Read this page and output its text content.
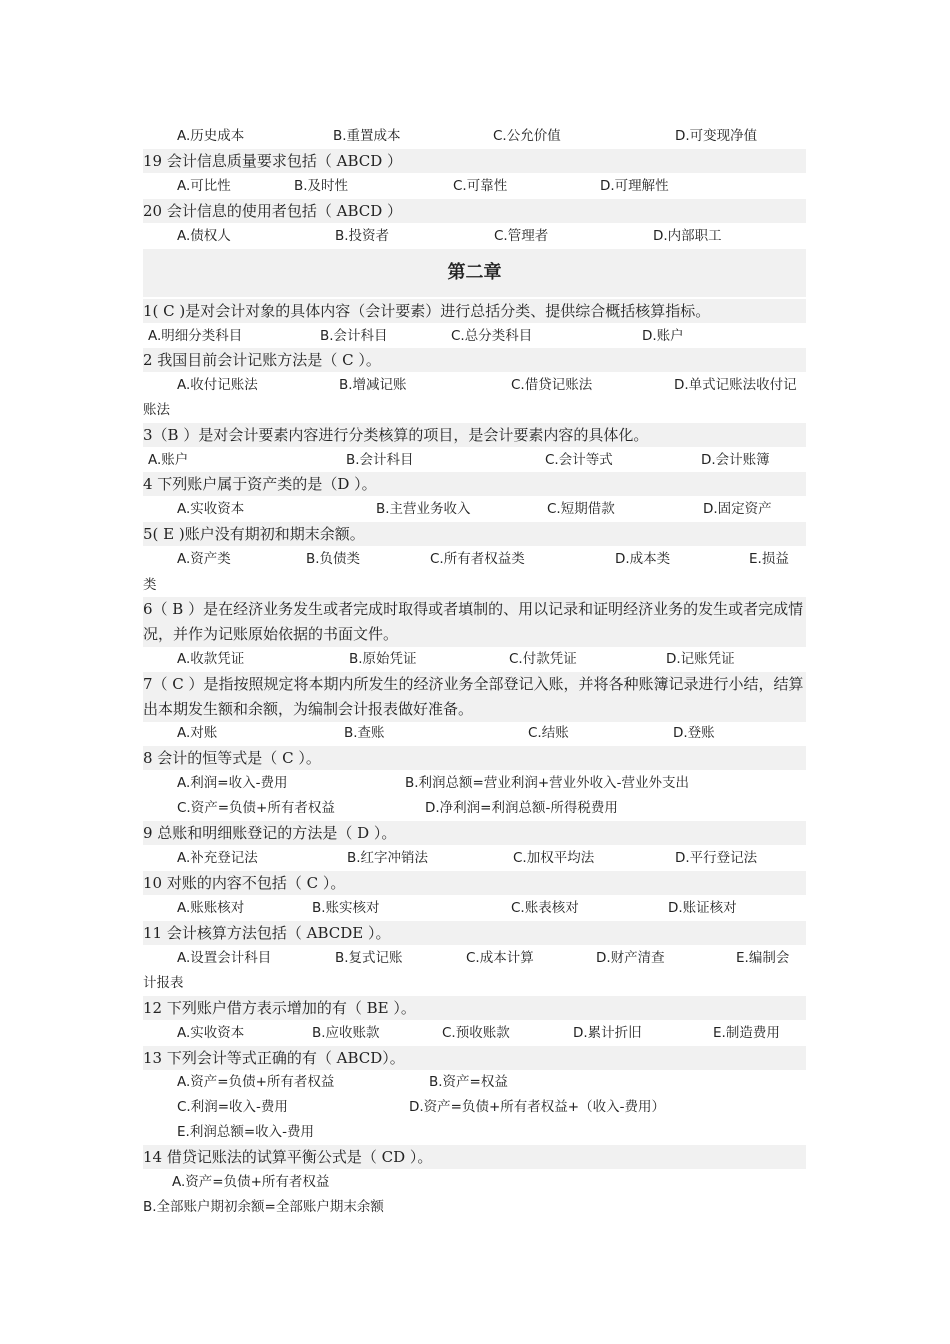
A.历史成本	B.重置成本	C.公允价值	D.可变现净值
19 会计信息质量要求包括（ ABCD ）
A.可比性	B.及时性	C.可靠性	D.可理解性
20 会计信息的使用者包括（ ABCD ）
A.债权人	B.投资者	C.管理者	D.内部职工
第二章
1( C )是对会计对象的具体内容（会计要素）进行总括分类、提供综合概括核算指标。
A.明细分类科目	B.会计科目	C.总分类科目	D.账户
2 我国目前会计记账方法是（ C ）。
A.收付记账法	B.增减记账	C.借贷记账法	D.单式记账法收付记
账法
3（B ）是对会计要素内容进行分类核算的项目，是会计要素内容的具体化。
A.账户	B.会计科目	C.会计等式	D.会计账簿
4 下列账户属于资产类的是（D ）。
A.实收资本	B.主营业务收入	C.短期借款	D.固定资产
5( E )账户没有期初和期末余额。
A.资产类	B.负债类	C.所有者权益类	D.成本类	E.损益
类
6（ B ）是在经济业务发生或者完成时取得或者填制的、用以记录和证明经济业务的发生或者完成情况，并作为记账原始依据的书面文件。
A.收款凭证	B.原始凭证	C.付款凭证	D.记账凭证
7（ C ）是指按照规定将本期内所发生的经济业务全部登记入账，并将各种账簿记录进行小结，结算出本期发生额和余额，为编制会计报表做好准备。
A.对账	B.查账	C.结账	D.登账
8 会计的恒等式是（ C ）。
A.利润=收入-费用	B.利润总额=营业利润+营业外收入-营业外支出
C.资产=负债+所有者权益	D.净利润=利润总额-所得税费用
9 总账和明细账登记的方法是（ D ）。
A.补充登记法	B.红字冲销法	C.加权平均法	D.平行登记法
10 对账的内容不包括（ C ）。
A.账账核对	B.账实核对	C.账表核对	D.账证核对
11 会计核算方法包括（ ABCDE ）。
A.设置会计科目	B.复式记账	C.成本计算	D.财产清查	E.编制会
计报表
12 下列账户借方表示增加的有（ BE ）。
A.实收资本	B.应收账款	C.预收账款	D.累计折旧	E.制造费用
13 下列会计等式正确的有（ ABCD）。
A.资产=负债+所有者权益	B.资产=权益
C.利润=收入-费用	D.资产=负债+所有者权益+（收入-费用）
E.利润总额=收入-费用
14 借贷记账法的试算平衡公式是（ CD ）。
A.资产=负债+所有者权益
B.全部账户期初余额=全部账户期末余额
